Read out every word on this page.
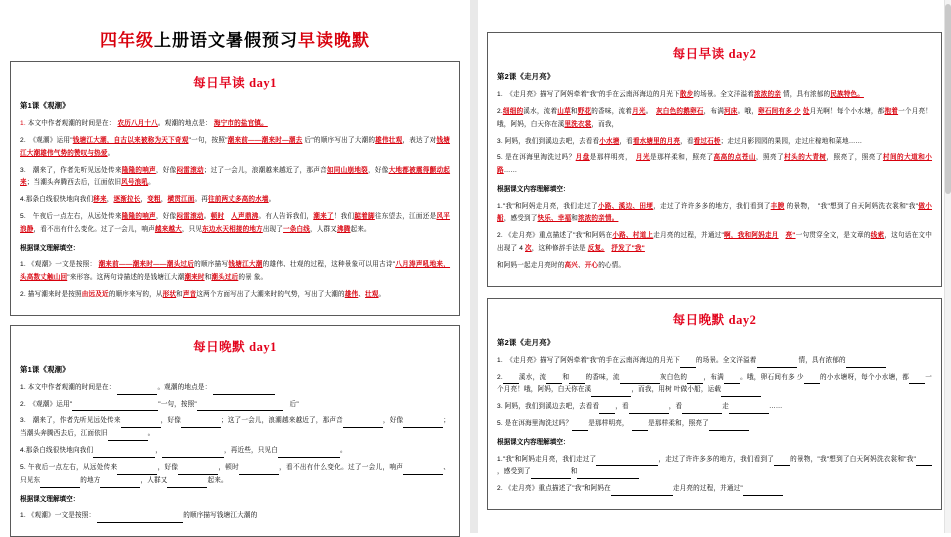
四年级上册语文暑假预习早读晚默
每日早读 day1
第1课《观潮》
1. 本文中作者观潮的时间是在： 农历八月十八。观潮的地点是： 海宁市的盐官镇。
2.　《观潮》运用"钱塘江大潮，自古以来被称为天下奇观"一句，按照"潮来前——潮来时—潮去 后"的顺序写出了大潮的雄伟壮观，表达了对钱塘江大潮雄伟气势的赞叹与热爱。
3.　潮来了，作者先听见远处传来隆隆的响声，好像闷雷滚动；过了一会儿，浪潮越来越近了，那声音如同山崩地裂，好像大地都被震得颤动起来；当潮头奔腾西去后，江面依旧风号浪吼。
4.那条白线很快地向我们移来，逐渐拉长，变粗，横贯江面。再往前两丈多高的水墙。
5.　午夜后一点左右，从远处传来隆隆的响声，好像闷雷滚动。顿时　 人声鼎沸。有人告诉我们，潮来了！我们踮着脚往东望去，江面还是风平浪静，看不出有什么变化。过了一会儿，响声越来越大，只见东边水天相接的地方出现了一条白线，人群又沸腾起来。
根据课文理解填空：
1. 《观潮》一文是按照： 潮来前——潮来时——潮头过后的顺序描写钱塘江大潮的雄伟、壮观的过程，这种景象可以用古诗"八月涛声吼地来，头高数丈触山回"来形容。这两句诗描述的是钱塘江大潮潮来时和潮头过后的景 象。
2. 描写潮来时是按照由远及近的顺序来写的，从形状和声音这两个方面写出了大潮来时的气势，写出了大潮的雄伟、壮观。
每日晚默 day1
第1课《观潮》
1. 本文中作者观潮的时间是在：	。观潮的地点是：
2.　《观潮》运用"	"一句，按照"	　后"
3.　潮来了，作者先听见远处传来	，好像	；这了一会儿，浪潮越来越近了，那声音	，好像	；当潮头奔腾西去后，江面依旧	。
4.那条白线很快地向我们	，	，再近些，只见白	。
5. 午夜后一点左右，从远处传来	，好像	，顿时	，看不出有什么变化。过了一会儿，响声	、 只见东	的地方	，人群又	起来。
根据课文理解填空：
1. 《观潮》一文是按照：	的顺序描写钱塘江大潮的
每日早读 day2
第2课《走月亮》
1.　《走月亮》描写了阿妈牵着"我"的手在云南洱海边的月光下散步的场景。全文洋溢着浓浓的亲 情，具有浓郁的民族特色。
2.细细的溪水，流着山草和野花的香味，流着月光。　灰白色的鹅卵石，布满河床。哦，卵石间有多 少 处月光啊！每个小水塘，都抱着一个月亮！哦，阿妈，白天你在溪里洗衣裳，而我，
3. 阿妈，我们到溪边去吧，去看看小水塘，看看水塘里的月亮，看看过石桥；走过月影园园的果园，走过庄稼地和菜地……
5. 是在洱海里淘洗过吗？月盘是那样明亮，　月光是那样柔和，照亮了高高的点苍山，照亮了村头的大青树，照亮了，照亮了村间的大道和小路……
根据课文内容理解填空：
1."我"和阿妈走月亮，我们走过了小路、溪边、田埂，走过了许许多多的地方，我们看到了丰腴 的景物，　"我"想到了自天阿妈洗衣裳和"我"做小船，感受到了快乐、幸福和浓浓的亲情。
2. 《走月亮》重点描述了"我"和阿妈在小路、村道上走月亮的过程，并通过"啊，我和阿妈走月　 亮"一句贯穿全文，是文章的线索，这句话在文中出现了 4 次，这种修辞手法是 反复。　 抒发了"我"
和阿妈一起走月亮时的高兴、开心的心情。
每日晚默 day2
第2课《走月亮》
1.　《走月亮》描写了阿妈牵着"我"的手在云南洱海边的月光下 的场景。全文洋溢着	情，具有浓郁的
2. 溪水，流 和 的香味，流	灰白色的 ，布满 。哦，卵石间有多 少 的小水塘呀，每个小水塘，都 一个月亮！哦，阿妈，白天你在溪	，而我，用树 叶做小船，运载
3. 阿妈，我们到溪边去吧，去看看 ，看	，看	走	……
5. 是在洱海里淘洗过吗？ 是那样明亮，　是那样柔和，照亮了
根据课文内容理解填空：
1."我"和阿妈走月亮，我们走过了	，走过了许许多多的地方，我们看到了 的景物，"我"想到了白天阿妈洗衣裳和"我"，感受到了	和
2. 《走月亮》重点描述了"我"和阿妈在	走月亮的过程，并通过"
